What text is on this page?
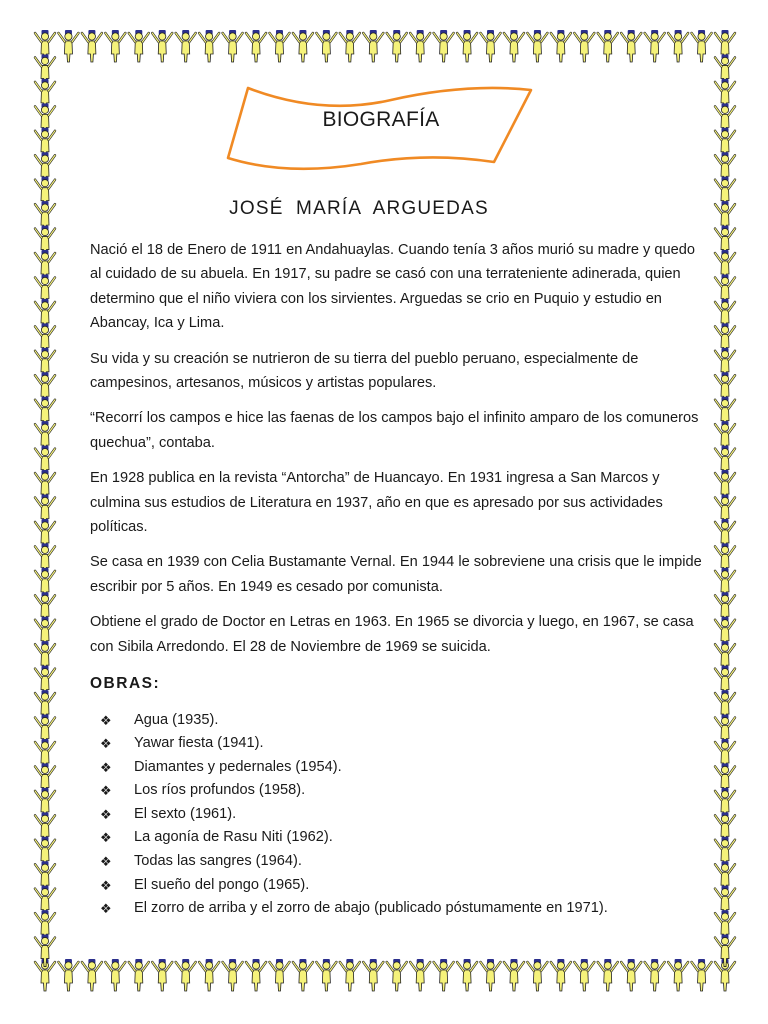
BIOGRAFÍA
JOSÉ MARÍA ARGUEDAS

Nació el 18 de Enero de 1911 en Andahuaylas. Cuando tenía 3 años murió su madre y quedo al cuidado de su abuela. En 1917, su padre se casó con una terrateniente adinerada, quien determino que el niño viviera con los sirvientes. Arguedas se crio en Puquio y estudio en Abancay, Ica y Lima.

Su vida y su creación se nutrieron de su tierra del pueblo peruano, especialmente de campesinos, artesanos, músicos y artistas populares.

“Recorrí los campos e hice las faenas de los campos bajo el infinito amparo de los comuneros quechua”, contaba.

En 1928 publica en la revista “Antorcha” de Huancayo. En 1931 ingresa a San Marcos y culmina sus estudios de Literatura en 1937, año en que es apresado por sus actividades políticas.

Se casa en 1939 con Celia Bustamante Vernal. En 1944 le sobreviene una crisis que le impide escribir por 5 años. En 1949 es cesado por comunista.

Obtiene el grado de Doctor en Letras en 1963. En 1965 se divorcia y luego, en 1967, se casa con Sibila Arredondo. El 28 de Noviembre de 1969 se suicida.

OBRAS:
❖ Agua (1935).
❖ Yawar fiesta (1941).
❖ Diamantes y pedernales (1954).
❖ Los ríos profundos (1958).
❖ El sexto (1961).
❖ La agonía de Rasu Niti (1962).
❖ Todas las sangres (1964).
❖ El sueño del pongo (1965).
❖ El zorro de arriba y el zorro de abajo (publicado póstumamente en 1971).
